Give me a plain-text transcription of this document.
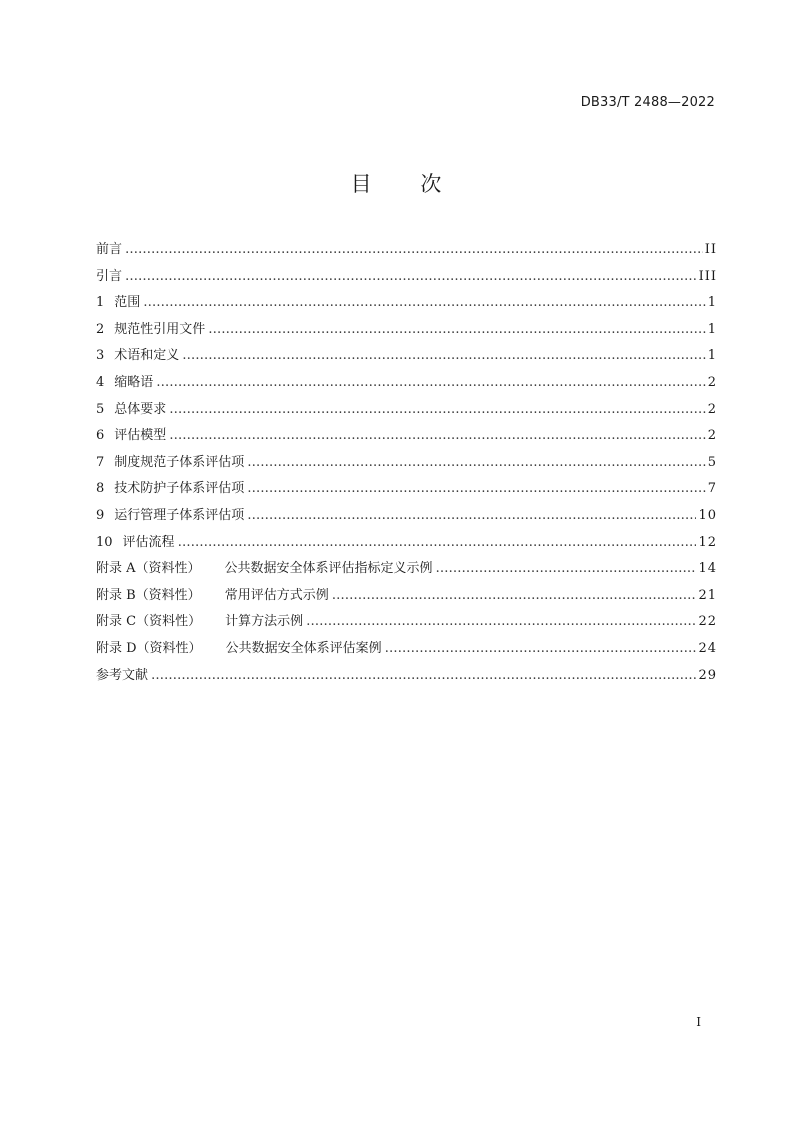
DB33/T 2488—2022
目 次
前言 …………………………………………………………………………………………………………………………………………………………………………………………………………	II
引言 …………………………………………………………………………………………………………………………………………………………………………………………………………	III
1 范围 …………………………………………………………………………………………………………………………………………………………………………………………………………	1
2 规范性引用文件 …………………………………………………………………………………………………………………………………………………………………………………………………………	1
3 术语和定义 …………………………………………………………………………………………………………………………………………………………………………………………………………	1
4 缩略语 …………………………………………………………………………………………………………………………………………………………………………………………………………	2
5 总体要求 …………………………………………………………………………………………………………………………………………………………………………………………………………	2
6 评估模型 …………………………………………………………………………………………………………………………………………………………………………………………………………	2
7 制度规范子体系评估项 …………………………………………………………………………………………………………………………………………………………………………………………………………	5
8 技术防护子体系评估项 …………………………………………………………………………………………………………………………………………………………………………………………………………	7
9 运行管理子体系评估项 …………………………………………………………………………………………………………………………………………………………………………………………………………	10
10 评估流程 …………………………………………………………………………………………………………………………………………………………………………………………………………	12
附录 A（资料性）	公共数据安全体系评估指标定义示例 …………………………………………………………………………………………………………………………………………………………………………………………………………	14
附录 B（资料性）	常用评估方式示例 …………………………………………………………………………………………………………………………………………………………………………………………………………	21
附录 C（资料性）	计算方法示例 …………………………………………………………………………………………………………………………………………………………………………………………………………	22
附录 D（资料性）	公共数据安全体系评估案例 …………………………………………………………………………………………………………………………………………………………………………………………………………	24
参考文献 …………………………………………………………………………………………………………………………………………………………………………………………………………	29
I
